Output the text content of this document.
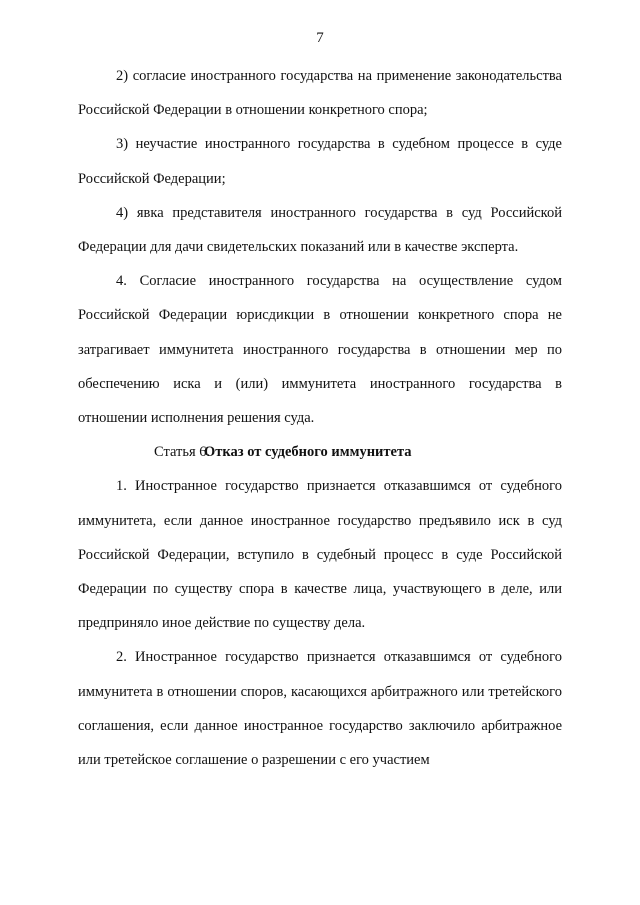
7

2) согласие иностранного государства на применение законодательства Российской Федерации в отношении конкретного спора;

3) неучастие иностранного государства в судебном процессе в суде Российской Федерации;

4) явка представителя иностранного государства в суд Российской Федерации для дачи свидетельских показаний или в качестве эксперта.

4. Согласие иностранного государства на осуществление судом Российской Федерации юрисдикции в отношении конкретного спора не затрагивает иммунитета иностранного государства в отношении мер по обеспечению иска и (или) иммунитета иностранного государства в отношении исполнения решения суда.

Статья 6.Отказ от судебного иммунитета

1. Иностранное государство признается отказавшимся от судебного иммунитета, если данное иностранное государство предъявило иск в суд Российской Федерации, вступило в судебный процесс в суде Российской Федерации по существу спора в качестве лица, участвующего в деле, или предприняло иное действие по существу дела.

2. Иностранное государство признается отказавшимся от судебного иммунитета в отношении споров, касающихся арбитражного или третейского соглашения, если данное иностранное государство заключило арбитражное или третейское соглашение о разрешении с его участием
